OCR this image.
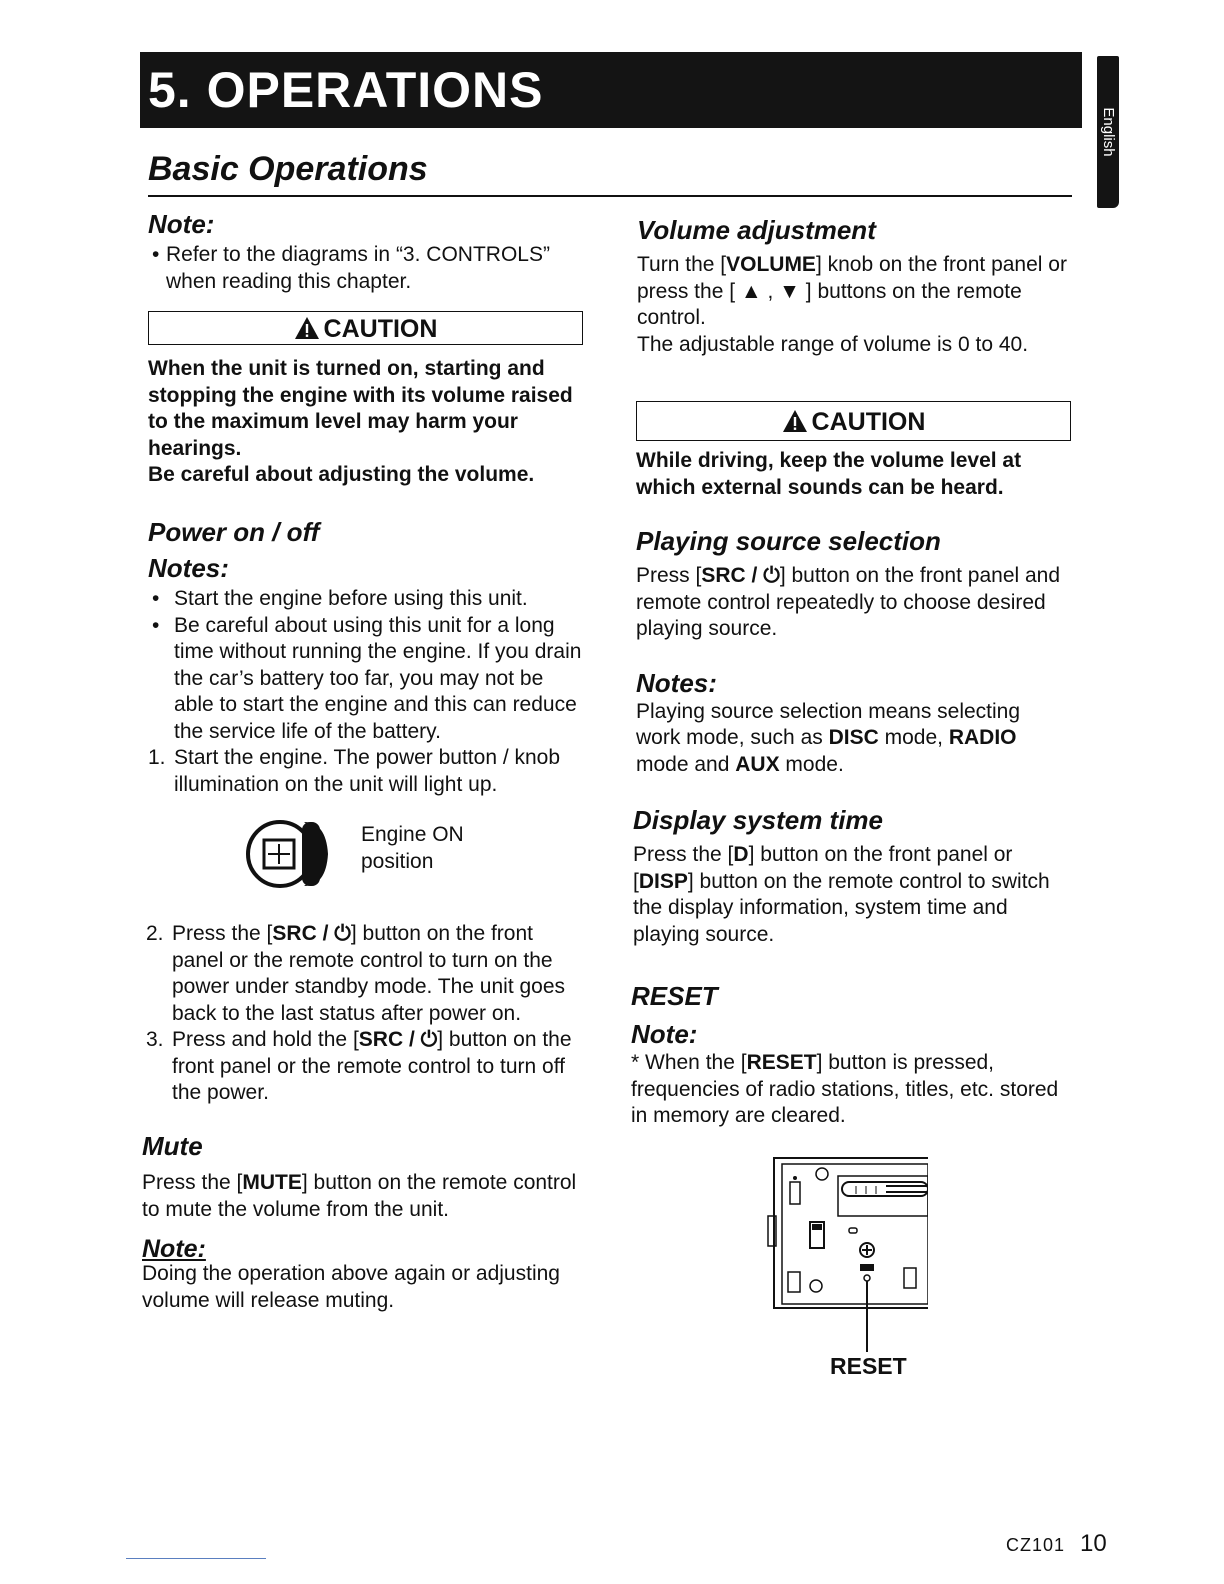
5. OPERATIONS
English
Basic Operations

Note:

• Refer to the diagrams in “3. CONTROLS” when reading this chapter.
CAUTION

When the unit is turned on, starting and stopping the engine with its volume raised to the maximum level may harm your hearings.

Be careful about adjusting the volume.

Power on / off

Notes:

• Start the engine before using this unit.
• Be careful about using this unit for a long time without running the engine. If you drain the car’s battery too far, you may not be able to start the engine and this can reduce the service life of the battery.
1. Start the engine. The power button / knob illumination on the unit will light up.
Engine ON
position
2. Press the [SRC / ⏻] button on the front panel or the remote control to turn on the power under standby mode. The unit goes back to the last status after power on.
3. Press and hold the [SRC / ⏻] button on the front panel or the remote control to turn off the power.

Mute

Press the [MUTE] button on the remote control to mute the volume from the unit.

Note:

Doing the operation above again or adjusting volume will release muting.

Volume adjustment

Turn the [VOLUME] knob on the front panel or press the [ ▲ , ▼ ] buttons on the remote control.

The adjustable range of volume is 0 to 40.

CAUTION

While driving, keep the volume level at which external sounds can be heard.

Playing source selection

Press [SRC / ⏻] button on the front panel and remote control repeatedly to choose desired playing source.

Notes:

Playing source selection means selecting work mode, such as DISC mode, RADIO mode and AUX mode.

Display system time

Press the [D] button on the front panel or [DISP] button on the remote control to switch the display information, system time and playing source.

RESET

Note:

* When the [RESET] button is pressed, frequencies of radio stations, titles, etc. stored in memory are cleared.

RESET
CZ101 10
